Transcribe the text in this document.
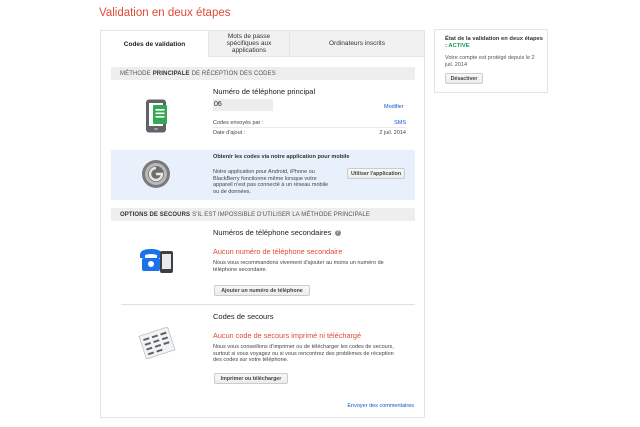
Validation en deux étapes
Codes de validation
Mots de passe spécifiques aux applications
Ordinateurs inscrits
MÉTHODE PRINCIPALE DE RÉCEPTION DES CODES
Numéro de téléphone principal
06	Modifier
Codes envoyés par :	SMS
Date d'ajout :	2 juil. 2014
Obtenir les codes via notre application pour mobile
Notre application pour Android, iPhone ou BlackBerry fonctionne même lorsque votre appareil n'est pas connecté à un réseau mobile ou de données.
Utiliser l'application
OPTIONS DE SECOURS S'IL EST IMPOSSIBLE D'UTILISER LA MÉTHODE PRINCIPALE
Numéros de téléphone secondaires ?
Aucun numéro de téléphone secondaire
Nous vous recommandons vivement d'ajouter au moins un numéro de téléphone secondaire.
Ajouter un numéro de téléphone
Codes de secours
Aucun code de secours imprimé ni téléchargé
Nous vous conseillons d'imprimer ou de télécharger les codes de secours, surtout si vous voyagez ou si vous rencontrez des problèmes de réception des codes sur votre téléphone.
Imprimer ou télécharger
Envoyer des commentaires
État de la validation en deux étapes : ACTIVE
Votre compte est protégé depuis le 2 juil. 2014
Désactiver
